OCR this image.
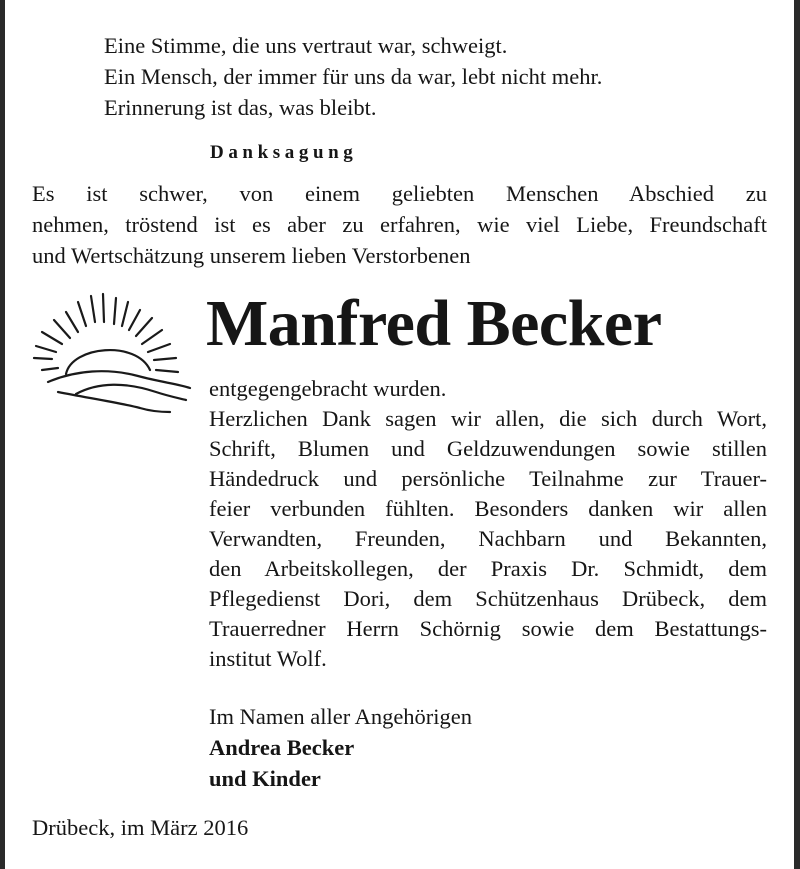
Eine Stimme, die uns vertraut war, schweigt.
Ein Mensch, der immer für uns da war, lebt nicht mehr.
Erinnerung ist das, was bleibt.
Danksagung
Es ist schwer, von einem geliebten Menschen Abschied zu
nehmen, tröstend ist es aber zu erfahren, wie viel Liebe, Freundschaft
und Wertschätzung unserem lieben Verstorbenen
Manfred Becker
entgegengebracht wurden.
Herzlichen Dank sagen wir allen, die sich durch Wort,
Schrift, Blumen und Geldzuwendungen sowie stillen
Händedruck und persönliche Teilnahme zur Trauer-
feier verbunden fühlten. Besonders danken wir allen
Verwandten, Freunden, Nachbarn und Bekannten,
den Arbeitskollegen, der Praxis Dr. Schmidt, dem
Pflegedienst Dori, dem Schützenhaus Drübeck, dem
Trauerredner Herrn Schörnig sowie dem Bestattungs-
institut Wolf.
Im Namen aller Angehörigen
Andrea Becker
und Kinder
Drübeck, im März 2016
